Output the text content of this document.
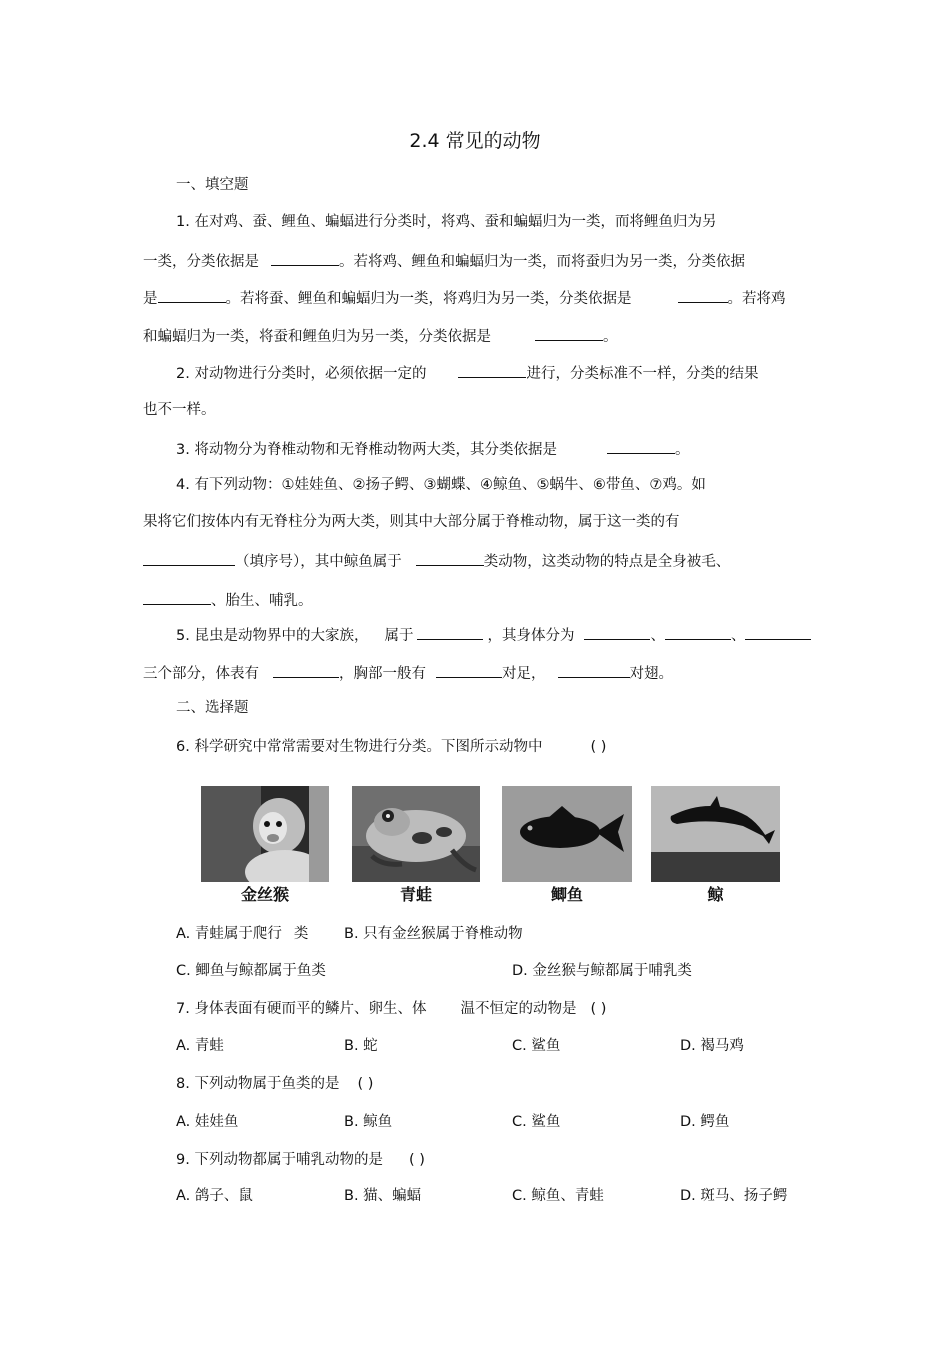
2.4 常见的动物
一、填空题
1. 在对鸡、蚕、鲤鱼、蝙蝠进行分类时，将鸡、蚕和蝙蝠归为一类，而将鲤鱼归为另
一类，分类依据是	。若将鸡、鲤鱼和蝙蝠归为一类，而将蚕归为另一类，分类依据
是	。若将蚕、鲤鱼和蝙蝠归为一类，将鸡归为另一类，分类依据是	。若将鸡
和蝙蝠归为一类，将蚕和鲤鱼归为另一类，分类依据是	。
2. 对动物进行分类时，必须依据一定的	进行，分类标准不一样，分类的结果
也不一样。
3. 将动物分为脊椎动物和无脊椎动物两大类，其分类依据是	。
4. 有下列动物：①娃娃鱼、②扬子鳄、③蝴蝶、④鲸鱼、⑤蜗牛、⑥带鱼、⑦鸡。如
果将它们按体内有无脊柱分为两大类，则其中大部分属于脊椎动物，属于这一类的有
（填序号），其中鲸鱼属于	类动物，这类动物的特点是全身被毛、
、胎生、哺乳。
5. 昆虫是动物界中的大家族， 属于	，其身体分为	、	、
三个部分，体表有	，胸部一般有	对足，	对翅。
二、选择题
6. 科学研究中常常需要对生物进行分类。下图所示动物中	( )
金丝猴	青蛙	鲫鱼	鲸
A. 青蛙属于爬行 类 B. 只有金丝猴属于脊椎动物
C. 鲫鱼与鲸都属于鱼类	D. 金丝猴与鲸都属于哺乳类
7. 身体表面有硬而平的鳞片、卵生、体 温不恒定的动物是 ( )
A. 青蛙	B. 蛇	C. 鲨鱼	D. 褐马鸡
8. 下列动物属于鱼类的是 ( )
A. 娃娃鱼	B. 鲸鱼	C. 鲨鱼	D. 鳄鱼
9. 下列动物都属于哺乳动物的是 ( )
A. 鸽子、鼠	B. 猫、蝙蝠	C. 鲸鱼、青蛙	D. 斑马、扬子鳄
